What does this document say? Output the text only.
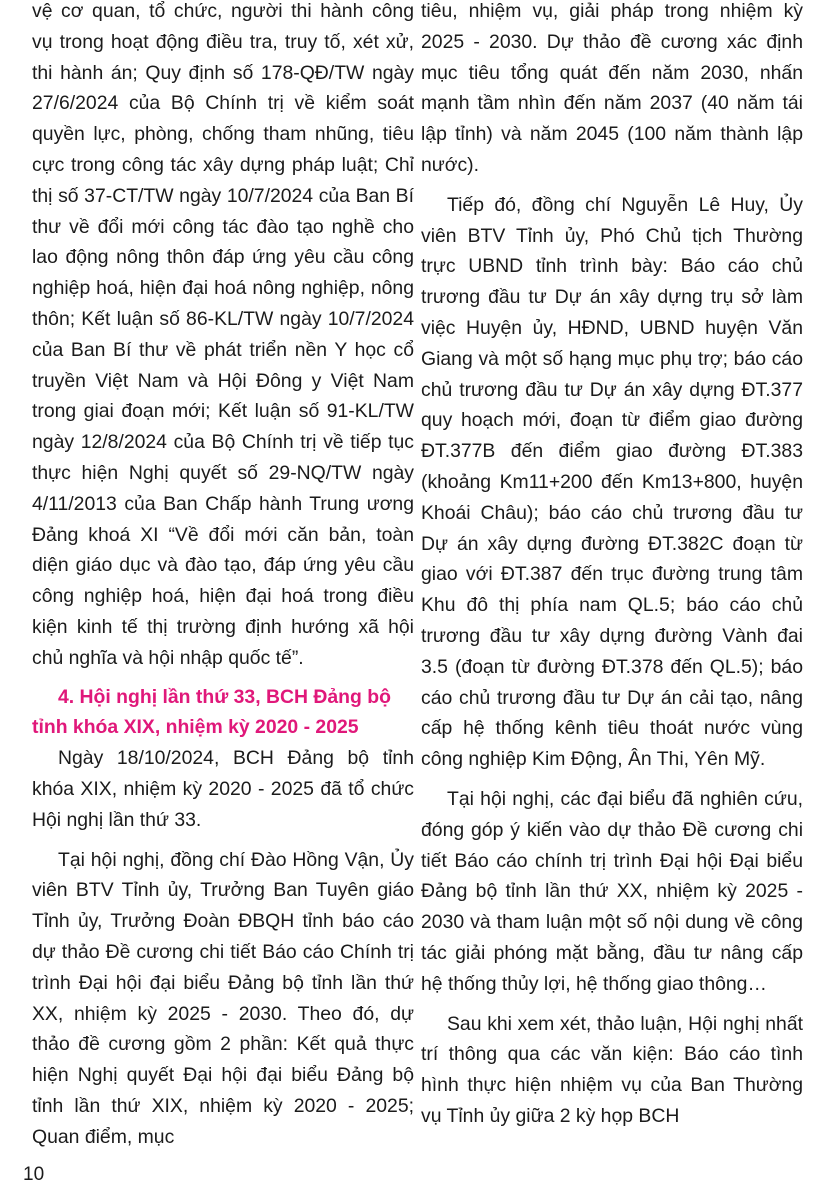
vệ cơ quan, tổ chức, người thi hành công vụ trong hoạt động điều tra, truy tố, xét xử, thi hành án; Quy định số 178-QĐ/TW ngày 27/6/2024 của Bộ Chính trị về kiểm soát quyền lực, phòng, chống tham nhũng, tiêu cực trong công tác xây dựng pháp luật; Chỉ thị số 37-CT/TW ngày 10/7/2024 của Ban Bí thư về đổi mới công tác đào tạo nghề cho lao động nông thôn đáp ứng yêu cầu công nghiệp hoá, hiện đại hoá nông nghiệp, nông thôn; Kết luận số 86-KL/TW ngày 10/7/2024 của Ban Bí thư về phát triển nền Y học cổ truyền Việt Nam và Hội Đông y Việt Nam trong giai đoạn mới; Kết luận số 91-KL/TW ngày 12/8/2024 của Bộ Chính trị về tiếp tục thực hiện Nghị quyết số 29-NQ/TW ngày 4/11/2013 của Ban Chấp hành Trung ương Đảng khoá XI “Về đổi mới căn bản, toàn diện giáo dục và đào tạo, đáp ứng yêu cầu công nghiệp hoá, hiện đại hoá trong điều kiện kinh tế thị trường định hướng xã hội chủ nghĩa và hội nhập quốc tế”.

4. Hội nghị lần thứ 33, BCH Đảng bộ tỉnh khóa XIX, nhiệm kỳ 2020 - 2025

Ngày 18/10/2024, BCH Đảng bộ tỉnh khóa XIX, nhiệm kỳ 2020 - 2025 đã tổ chức Hội nghị lần thứ 33.

Tại hội nghị, đồng chí Đào Hồng Vận, Ủy viên BTV Tỉnh ủy, Trưởng Ban Tuyên giáo Tỉnh ủy, Trưởng Đoàn ĐBQH tỉnh báo cáo dự thảo Đề cương chi tiết Báo cáo Chính trị trình Đại hội đại biểu Đảng bộ tỉnh lần thứ XX, nhiệm kỳ 2025 - 2030. Theo đó, dự thảo đề cương gồm 2 phần: Kết quả thực hiện Nghị quyết Đại hội đại biểu Đảng bộ tỉnh lần thứ XIX, nhiệm kỳ 2020 - 2025; Quan điểm, mục

tiêu, nhiệm vụ, giải pháp trong nhiệm kỳ 2025 - 2030. Dự thảo đề cương xác định mục tiêu tổng quát đến năm 2030, nhấn mạnh tầm nhìn đến năm 2037 (40 năm tái lập tỉnh) và năm 2045 (100 năm thành lập nước).

Tiếp đó, đồng chí Nguyễn Lê Huy, Ủy viên BTV Tỉnh ủy, Phó Chủ tịch Thường trực UBND tỉnh trình bày: Báo cáo chủ trương đầu tư Dự án xây dựng trụ sở làm việc Huyện ủy, HĐND, UBND huyện Văn Giang và một số hạng mục phụ trợ; báo cáo chủ trương đầu tư Dự án xây dựng ĐT.377 quy hoạch mới, đoạn từ điểm giao đường ĐT.377B đến điểm giao đường ĐT.383 (khoảng Km11+200 đến Km13+800, huyện Khoái Châu); báo cáo chủ trương đầu tư Dự án xây dựng đường ĐT.382C đoạn từ giao với ĐT.387 đến trục đường trung tâm Khu đô thị phía nam QL.5; báo cáo chủ trương đầu tư xây dựng đường Vành đai 3.5 (đoạn từ đường ĐT.378 đến QL.5); báo cáo chủ trương đầu tư Dự án cải tạo, nâng cấp hệ thống kênh tiêu thoát nước vùng công nghiệp Kim Động, Ân Thi, Yên Mỹ.

Tại hội nghị, các đại biểu đã nghiên cứu, đóng góp ý kiến vào dự thảo Đề cương chi tiết Báo cáo chính trị trình Đại hội Đại biểu Đảng bộ tỉnh lần thứ XX, nhiệm kỳ 2025 - 2030 và tham luận một số nội dung về công tác giải phóng mặt bằng, đầu tư nâng cấp hệ thống thủy lợi, hệ thống giao thông…

Sau khi xem xét, thảo luận, Hội nghị nhất trí thông qua các văn kiện: Báo cáo tình hình thực hiện nhiệm vụ của Ban Thường vụ Tỉnh ủy giữa 2 kỳ họp BCH

10
